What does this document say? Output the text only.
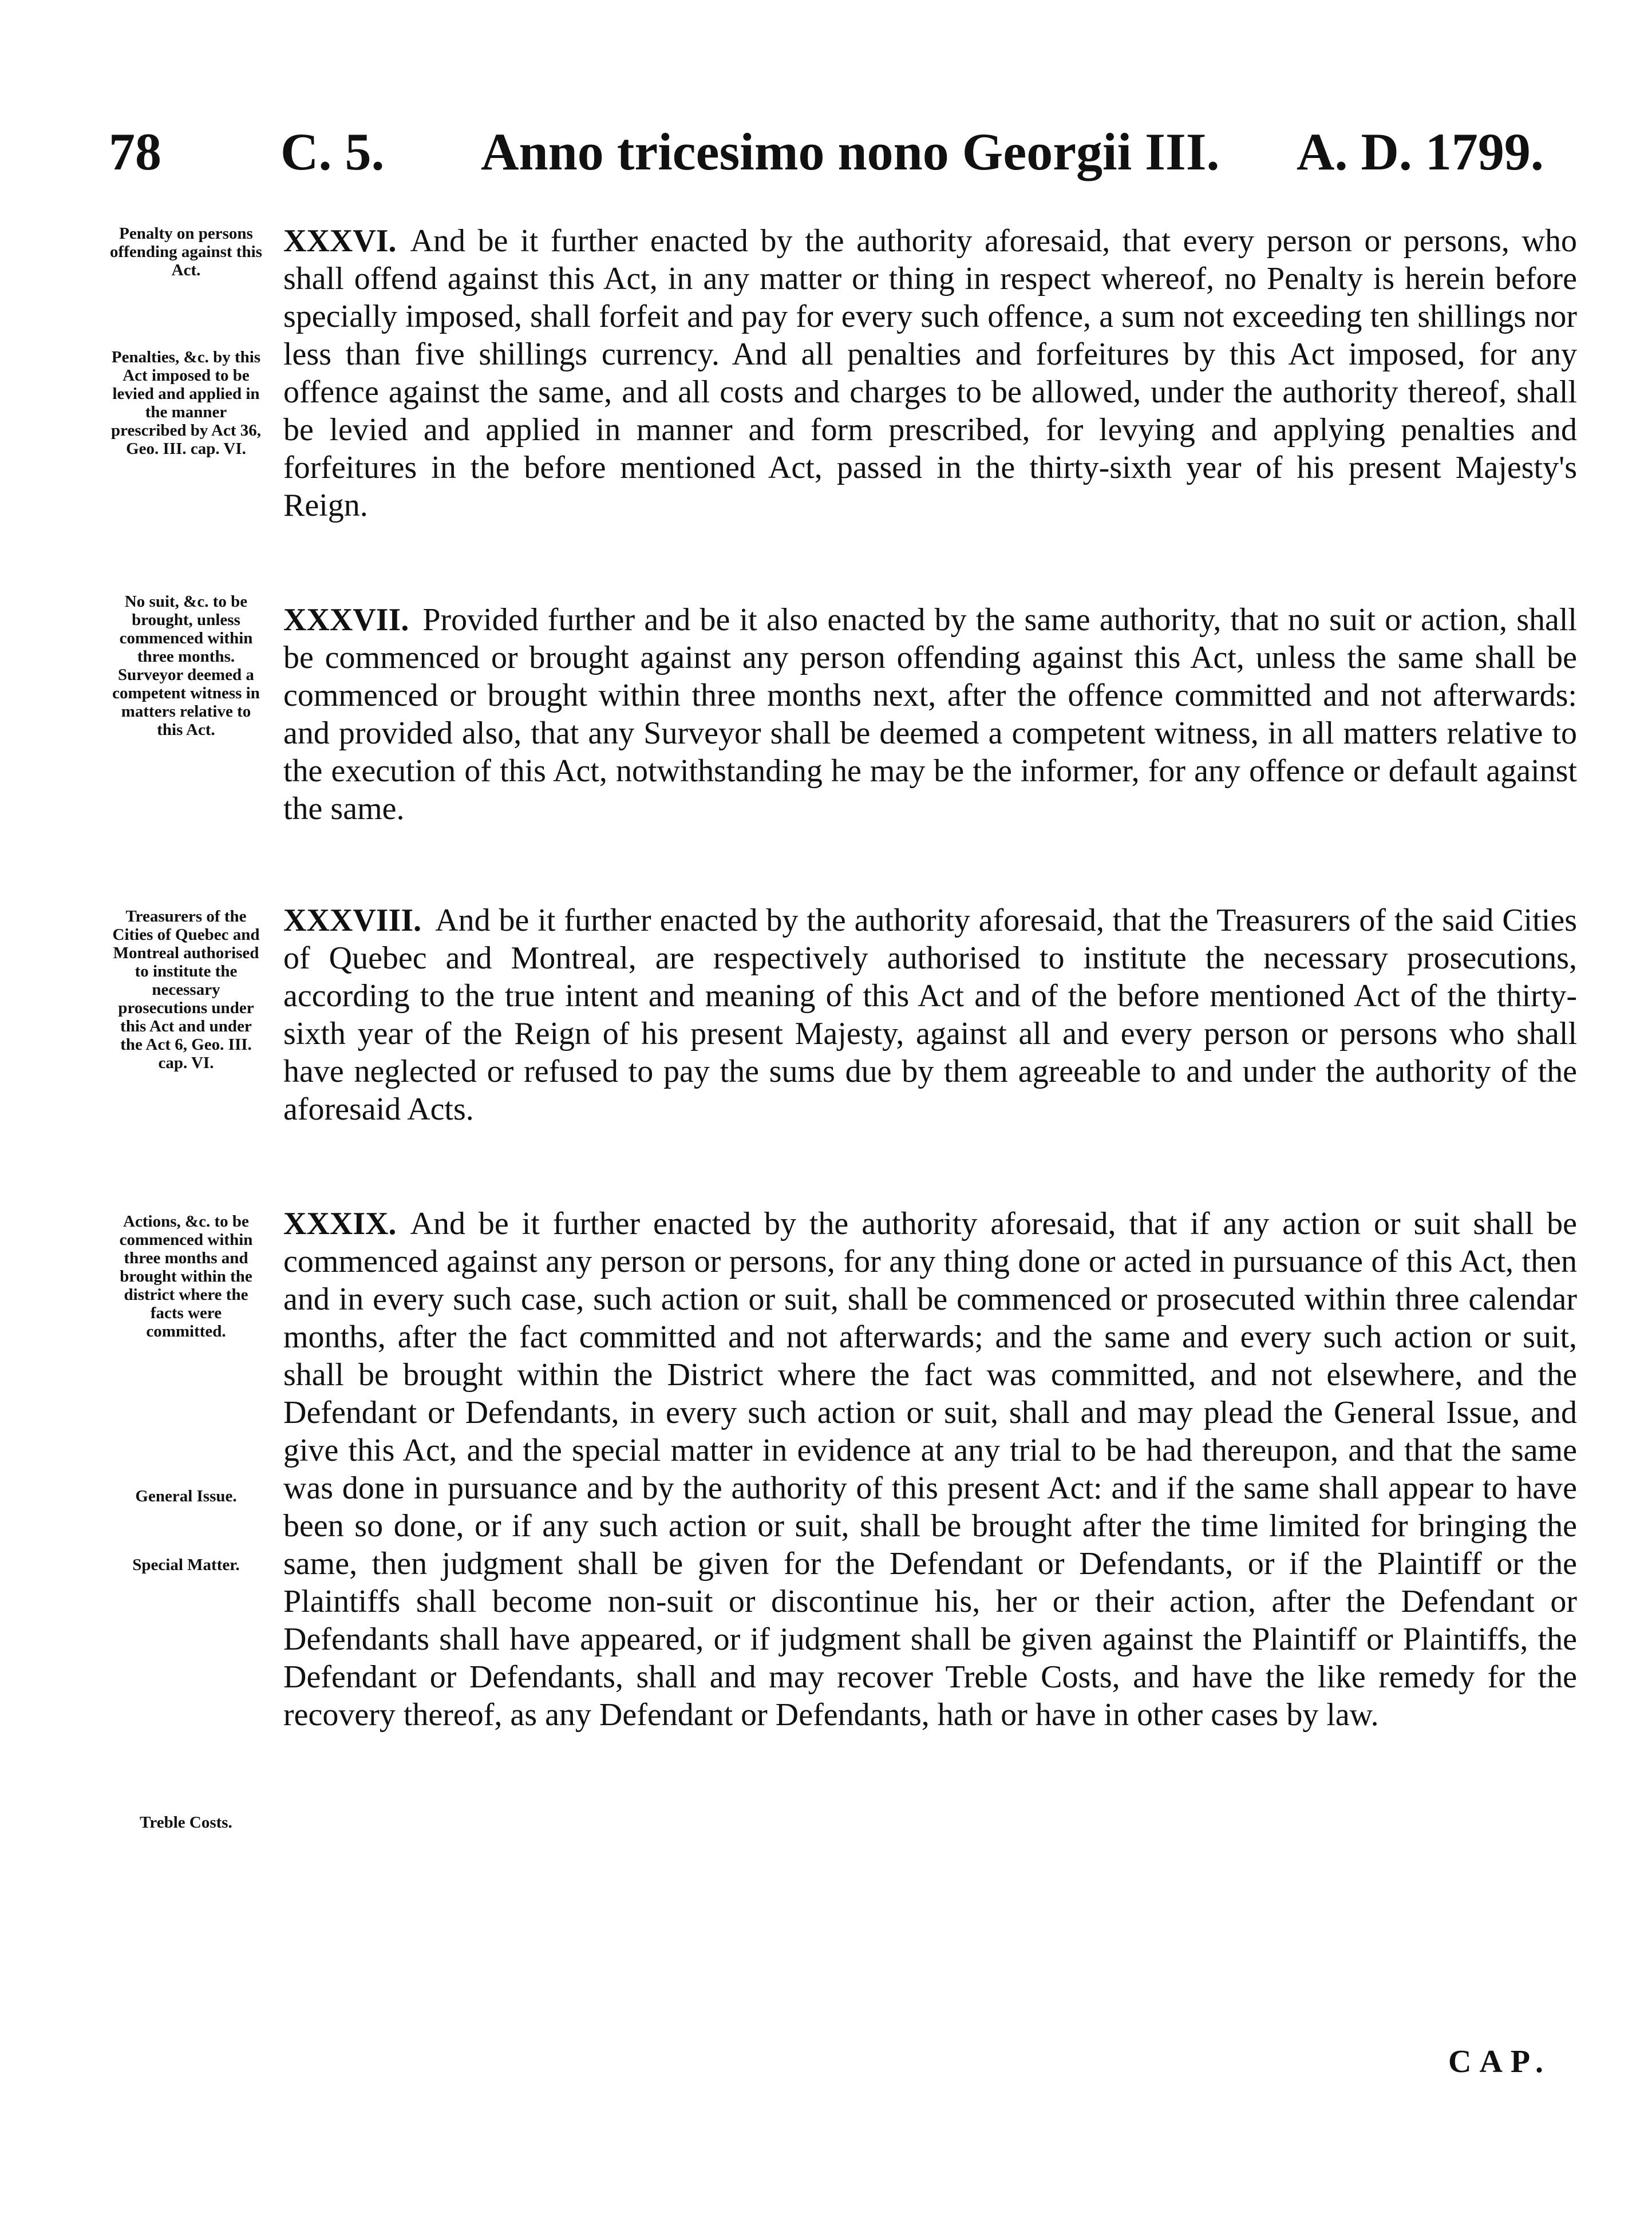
78 C. 5. Anno tricesimo nono Georgii III. A. D. 1799.
Penalty on persons offending against this Act.
Penalties, &c. by this Act imposed to be levied and applied in the manner prescribed by Act 36, Geo. III. cap. VI.
No suit, &c. to be brought, unless commenced within three months. Surveyor deemed a competent witness in matters relative to this Act.
Treasurers of the Cities of Quebec and Montreal authorised to institute the necessary prosecutions under this Act and under the Act 6, Geo. III. cap. VI.
Actions, &c. to be commenced within three months and brought within the district where the facts were committed.
General Issue.
Special Matter.
Treble Costs.
XXXVI. And be it further enacted by the authority aforesaid, that every person or persons, who shall offend against this Act, in any matter or thing in respect whereof, no Penalty is herein before specially imposed, shall forfeit and pay for every such offence, a sum not exceeding ten shillings nor less than five shillings currency. And all penalties and forfeitures by this Act imposed, for any offence against the same, and all costs and charges to be allowed, under the authority thereof, shall be levied and applied in manner and form prescribed, for levying and applying penalties and forfeitures in the before mentioned Act, passed in the thirty-sixth year of his present Majesty's Reign.
XXXVII. Provided further and be it also enacted by the same authority, that no suit or action, shall be commenced or brought against any person offending against this Act, unless the same shall be commenced or brought within three months next, after the offence committed and not afterwards: and provided also, that any Surveyor shall be deemed a competent witness, in all matters relative to the execution of this Act, notwithstanding he may be the informer, for any offence or default against the same.
XXXVIII. And be it further enacted by the authority aforesaid, that the Treasurers of the said Cities of Quebec and Montreal, are respectively authorised to institute the necessary prosecutions, according to the true intent and meaning of this Act and of the before mentioned Act of the thirty-sixth year of the Reign of his present Majesty, against all and every person or persons who shall have neglected or refused to pay the sums due by them agreeable to and under the authority of the aforesaid Acts.
XXXIX. And be it further enacted by the authority aforesaid, that if any action or suit shall be commenced against any person or persons, for any thing done or acted in pursuance of this Act, then and in every such case, such action or suit, shall be commenced or prosecuted within three calendar months, after the fact committed and not afterwards; and the same and every such action or suit, shall be brought within the District where the fact was committed, and not elsewhere, and the Defendant or Defendants, in every such action or suit, shall and may plead the General Issue, and give this Act, and the special matter in evidence at any trial to be had thereupon, and that the same was done in pursuance and by the authority of this present Act: and if the same shall appear to have been so done, or if any such action or suit, shall be brought after the time limited for bringing the same, then judgment shall be given for the Defendant or Defendants, or if the Plaintiff or the Plaintiffs shall become non-suit or discontinue his, her or their action, after the Defendant or Defendants shall have appeared, or if judgment shall be given against the Plaintiff or Plaintiffs, the Defendant or Defendants, shall and may recover Treble Costs, and have the like remedy for the recovery thereof, as any Defendant or Defendants, hath or have in other cases by law.
CAP.
